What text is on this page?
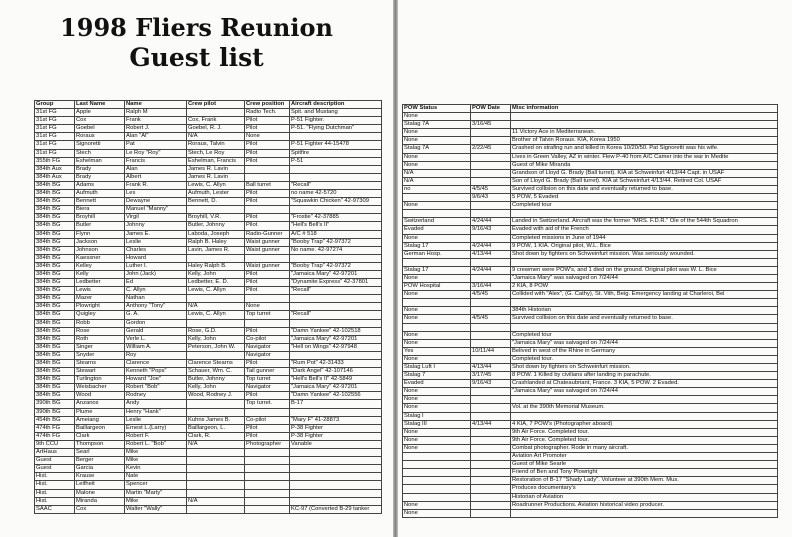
1998 Fliers Reunion
Guest list
Group	Last Name	Name	Crew pilot	Crew position	Aircraft description
31st FG	Apple	Ralph M		Radio Tech.	Spit. and Mustang
31st FG	Cox	Frank	Cox, Frank	Pilot	P-51 Fighter.
31st FG	Goebel	Robert J.	Goebel, R. J.	Pilot	P-51. "Flying Dutchman"
31st FG	Roraus	Alan "Al"	N/A	None	
31st FG	Signoretti	Pat	Roraus, Talvin	Pilot	P-51 Fighter 44-15478
31st FG	Stech	Le Roy "Roy"	Stech, Le Roy	Pilot	Spitfire
355th FG	Eshelman	Francis	Eshelman, Francis	Pilot	P-51
384th Aux	Brady	Alan	James R. Lavin		
384th Aux	Brady	Albert	James R. Lavin		
384th BG	Adams	Frank R.	Lewis, C. Allyn	Ball turret	"Recall"
384th BG	Aufmuth	Les	Aufmuth, Lester	Pilot	no name 42-5720
384th BG	Bennett	Dewayne	Bennett, D.	Pilot	"Squawkin Chicken" 42-97309
384th BG	Biera	Manuel "Manny"			
384th BG	Broyhill	Virgil	Broyhill, V.R.	Pilot	"Frostie" 42-37885
384th BG	Butler	Johnny	Butler, Johnny	Pilot	"Hell's Bell's II"
384th BG	Flynn	James E.	Laboda, Joseph	Radio-Gunner	A/C # 518
384th BG	Jackson	Leslie	Ralph B. Haley	Waist gunner	"Booby Trap" 42-97372
384th BG	Johnson	Charles	Lavin, James R.	Waist gunner	No name. 42-97274
384th BG	Kaessner	Howard			
384th BG	Kelley	Luther I.	Haley Ralph B.	Waist gunner	"Booby Trap" 42-97372
384th BG	Kelly	John (Jack)	Kelly, John	Pilot	"Jamaica Mary" 42-97201
384th BG	Ledbetter	Ed	Ledbetter, E. D.	Pilot	"Dynamite Express" 42-37801
384th BG	Lewis	C. Allyn	Lewis, C. Allyn	Pilot	"Recall"
384th BG	Mazer	Nathan			
384th BG	Plowright	Anthony "Tony"	N/A	None	
384th BG	Quigley	G. A.	Lewis, C. Allyn	Top turret	"Recall"
384th BG	Robb	Gordon			
384th BG	Rose	Gerald	Rose, G.D.	Pilot	"Damn Yankee" 42-102518
384th BG	Roth	Verle L.	Kelly, John	Co-pilot	"Jamaica Mary" 42-97201
384th BG	Singer	William A.	Peterson, John W.	Navigator	"Hell on Wings" 42-97948
384th BG	Snyder	Roy		Navigator	
384th BG	Stearns	Clarence	Clarence Stearns	Pilot	"Rum Pot" 42-31433
384th BG	Stewart	Kenneth "Pops"	Schauer, Wm. C.	Tail gunner	"Dark Angel" 42-107146
384th BG	Turlington	Howard "Joe"	Butler, Johnny	Top turret	"Hell's Bell's II" 42-5849
384th BG	Weisbacher	Robert "Bob"	Kelly, John	Navigator	"Jamaica Mary" 42-97201
384th BG	Wood	Rodney	Wood, Rodney J.	Pilot	"Damn Yankee" 42-102556
390th BG	Anzanos	Andy		Top turret.	B-17
390th BG	Plume	Henry "Hank"			
454th BG	Ameiang	Leslie	Kuhns James B.	Co-pilot	"Mary F" 41-28873
474th FG	Baillargeon	Ernest L.(Larry)	Baillargeon, L.	Pilot	P-38 Fighter
474th FG	Clark	Robert F.	Clark, R.	Pilot	P-38 Fighter
9th CCU	Thompson	Robert L. "Bob"	N/A	Photographer	Vanable
ArtHaus	Searl	Mike			
Guest	Berger	Mike			
Guest	Garcia	Kevin			
Hist.	Krause	Nate			
Hist.	Leifheit	Spencer			
Hist.	Malone	Martin "Marty"			
Hist.	Miranda	Mike	N/A		
SAAC	Cox	Walter "Wally"			KC-97 (Converted B-29 tanker
POW Status	POW Date	Misc information
None		
Stalag 7A	3/16/45	
None		11 Victory Ace in Mediterranean.
None		Brother of Talvin Roraus. KIA, Korea 1950
Stalag 7A	2/22/45	Crashed on strafing run and killed in Korea 10/20/50. Pat Signoretti was his wife.
None		Lives in Green Valley, AZ in winter. Flew P-40 from A/C Camer into the war in Medite
None		Guest of Mike Miranda
N/A		Grandson of Lloyd G. Brady (Ball turret). KIA at Schweinfurt 4/13/44 Capt. in USAF
N/A		Son of Lloyd G. Brady (Ball turret). KIA at Schweinfurt 4/13/44. Retired Col. USAF
no	4/5/45	Survived collision on this date and eventually returned to base.
	9/6/43	5 POW, 5 Evaded
None		Completed tour

Switzerland	4/24/44	Landed in Switzerland. Aircraft was the former "MRS. F.D.R." Ole of the 544th Squadron
Evaded	9/16/43	Evaded with aid of the French
None		Completed missions in June of 1944
Stalag 17	4/24/44	9 POW, 1 KIA. Original pilot, W.L. Bice
German Hosp.	4/13/44	Shot down by fighters on Schweinfurt mission. Was seriously wounded.

Stalag 17	4/24/44	9 crewmen were POW's, and 1 died on the ground. Original pilot was W. L. Bice
None		"Jamaica Mary" was salvaged on 7/24/44
POW Hospital	3/16/44	2 KIA, 8 POW
None	4/5/45	Collided with "Alex", (G. Cathy), St. Vith, Beig. Emergency landing at Charleroi, Bel

None		384th Historian
None	4/5/45	Survived collision on this date and eventually returned to base.

None		Completed tour
None		"Jamaica Mary" was salvaged on 7/24/44
Yes	10/11/44	Belived in west of the Rhine in Germany
None		Completed tour.
Stalag Luft I	4/13/44	Shot down by fighters on Schweinfurt mission.
Stalag 7	3/17/45	8 POW. 1 Killed by civilians after landing in parachute.
Evaded	9/16/43	Crashlanded at Chateaubriant, France. 3 KIA, 5 POW. 2 Evaded.
None		"Jamaica Mary" was salvaged on 7/24/44
None		
None		Vol. at the 390th Memorial Museum.
Stalag I		
Stalag III	4/13/44	4 KIA, 7 POW's (Photographer aboard)
None		9th Air Force. Completed tour.
None		9th Air Force. Completed tour.
None		Combat photographer. Rode in many aircraft.
		Aviation Art Promoter
		Guest of Mike Searle
		Friend of Ben and Tony Plowright
		Restoration of B-17 "Shady Lady". Volunteer at 390th Mem. Mus.
		Produces documentary's
		Historian of Aviation
None		Roadrunner Productions. Aviation historical video producer.
None		
